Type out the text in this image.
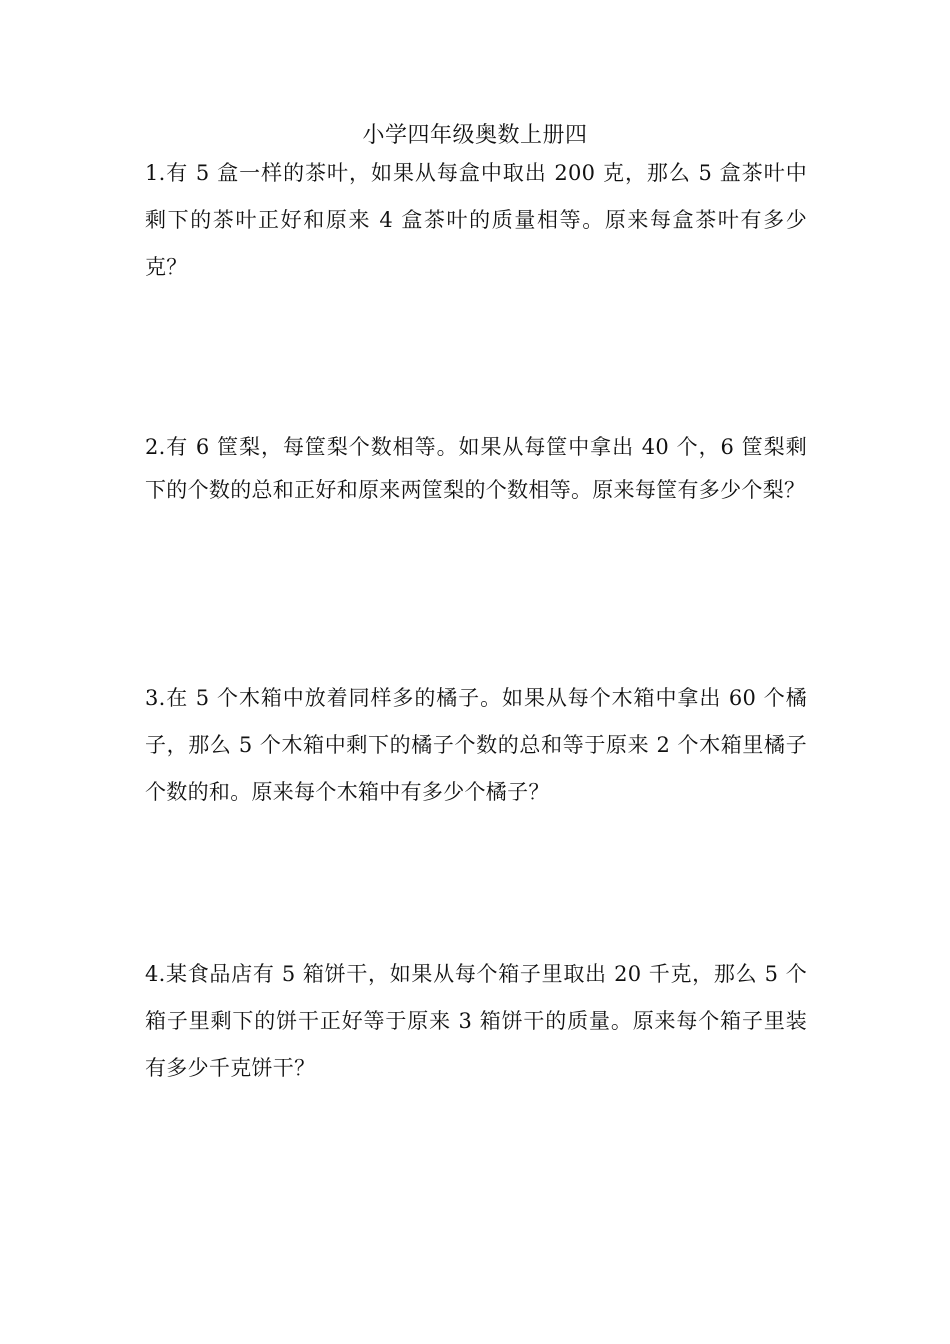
小学四年级奥数上册四
1.有 5 盒一样的茶叶，如果从每盒中取出 200 克，那么 5 盒茶叶中剩下的茶叶正好和原来 4 盒茶叶的质量相等。原来每盒茶叶有多少克？
2.有 6 筐梨，每筐梨个数相等。如果从每筐中拿出 40 个，6 筐梨剩下的个数的总和正好和原来两筐梨的个数相等。原来每筐有多少个梨？
3.在 5 个木箱中放着同样多的橘子。如果从每个木箱中拿出 60 个橘子，那么 5 个木箱中剩下的橘子个数的总和等于原来 2 个木箱里橘子个数的和。原来每个木箱中有多少个橘子？
4.某食品店有 5 箱饼干，如果从每个箱子里取出 20 千克，那么 5 个箱子里剩下的饼干正好等于原来 3 箱饼干的质量。原来每个箱子里装有多少千克饼干？
